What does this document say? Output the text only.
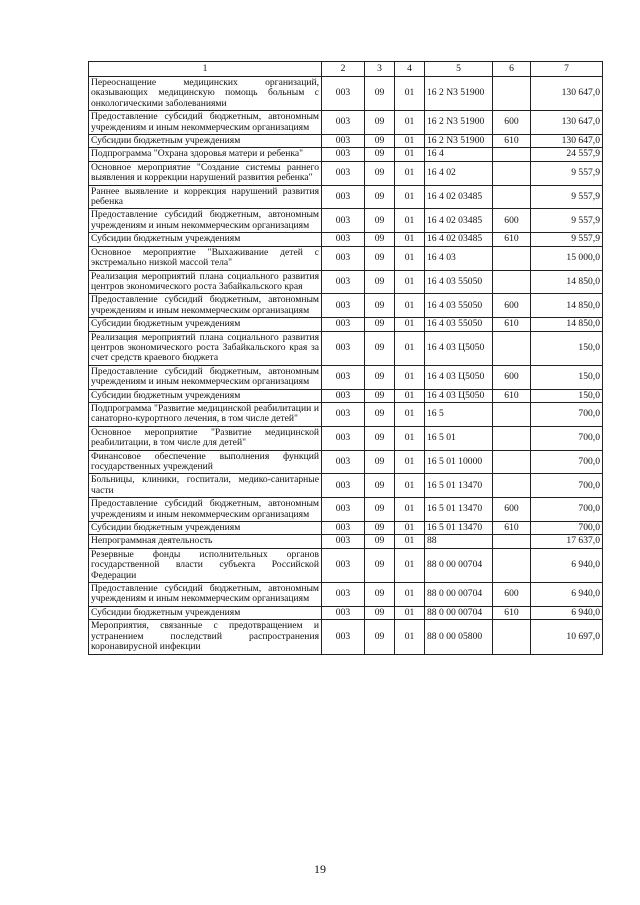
1	2	3	4	5	6	7
Переоснащение медицинских организаций, оказывающих медицинскую помощь больным с онкологическими заболеваниями	003	09	01	16 2 N3 51900		130 647,0
Предоставление субсидий бюджетным, автономным учреждениям и иным некоммерческим организациям	003	09	01	16 2 N3 51900	600	130 647,0
Субсидии бюджетным учреждениям	003	09	01	16 2 N3 51900	610	130 647,0
Подпрограмма "Охрана здоровья матери и ребенка"	003	09	01	16 4		24 557,9
Основное мероприятие "Создание системы раннего выявления и коррекции нарушений развития ребенка"	003	09	01	16 4 02		9 557,9
Раннее выявление и коррекция нарушений развития ребенка	003	09	01	16 4 02 03485		9 557,9
Предоставление субсидий бюджетным, автономным учреждениям и иным некоммерческим организациям	003	09	01	16 4 02 03485	600	9 557,9
Субсидии бюджетным учреждениям	003	09	01	16 4 02 03485	610	9 557,9
Основное мероприятие "Выхаживание детей с экстремально низкой массой тела"	003	09	01	16 4 03		15 000,0
Реализация мероприятий плана социального развития центров экономического роста Забайкальского края	003	09	01	16 4 03 55050		14 850,0
Предоставление субсидий бюджетным, автономным учреждениям и иным некоммерческим организациям	003	09	01	16 4 03 55050	600	14 850,0
Субсидии бюджетным учреждениям	003	09	01	16 4 03 55050	610	14 850,0
Реализация мероприятий плана социального развития центров экономического роста Забайкальского края за счет средств краевого бюджета	003	09	01	16 4 03 Ц5050		150,0
Предоставление субсидий бюджетным, автономным учреждениям и иным некоммерческим организациям	003	09	01	16 4 03 Ц5050	600	150,0
Субсидии бюджетным учреждениям	003	09	01	16 4 03 Ц5050	610	150,0
Подпрограмма "Развитие медицинской реабилитации и санаторно-курортного лечения, в том числе детей"	003	09	01	16 5		700,0
Основное мероприятие "Развитие медицинской реабилитации, в том числе для детей"	003	09	01	16 5 01		700,0
Финансовое обеспечение выполнения функций государственных учреждений	003	09	01	16 5 01 10000		700,0
Больницы, клиники, госпитали, медико-санитарные части	003	09	01	16 5 01 13470		700,0
Предоставление субсидий бюджетным, автономным учреждениям и иным некоммерческим организациям	003	09	01	16 5 01 13470	600	700,0
Субсидии бюджетным учреждениям	003	09	01	16 5 01 13470	610	700,0
Непрограммная деятельность	003	09	01	88		17 637,0
Резервные фонды исполнительных органов государственной власти субъекта Российской Федерации	003	09	01	88 0 00 00704		6 940,0
Предоставление субсидий бюджетным, автономным учреждениям и иным некоммерческим организациям	003	09	01	88 0 00 00704	600	6 940,0
Субсидии бюджетным учреждениям	003	09	01	88 0 00 00704	610	6 940,0
Мероприятия, связанные с предотвращением и устранением последствий распространения коронавирусной инфекции	003	09	01	88 0 00 05800		10 697,0
19
